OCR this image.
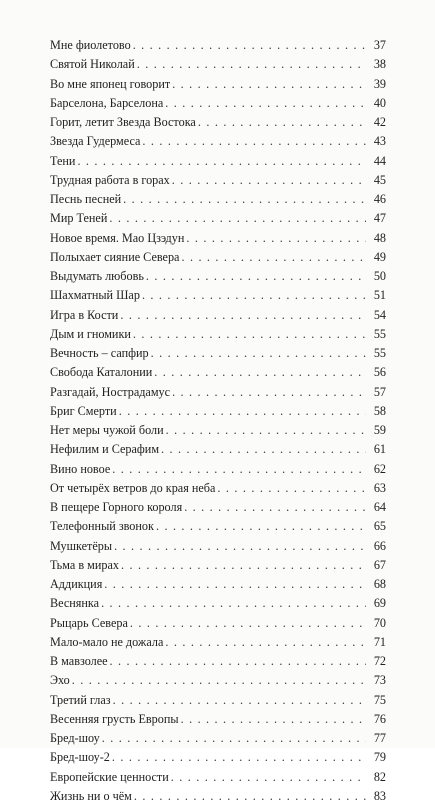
Мне фиолетово . . .	37
Святой Николай . . .	38
Во мне японец говорит . . .	39
Барселона, Барселона . . .	40
Горит, летит Звезда Востока . . .	42
Звезда Гудермеса . . .	43
Тени . . .	44
Трудная работа в горах . . .	45
Песнь песней . . .	46
Мир Теней . . .	47
Новое время. Мао Цзэдун . . .	48
Полыхает сияние Севера . . .	49
Выдумать любовь . . .	50
Шахматный Шар . . .	51
Игра в Кости . . .	54
Дым и гномики . . .	55
Вечность – сапфир . . .	55
Свобода Каталонии . . .	56
Разгадай, Нострадамус . . .	57
Бриг Смерти . . .	58
Нет меры чужой боли . . .	59
Нефилим и Серафим . . .	61
Вино новое . . .	62
От четырёх ветров до края неба . . .	63
В пещере Горного короля . . .	64
Телефонный звонок . . .	65
Мушкетёры . . .	66
Тьма в мирах . . .	67
Аддикция . . .	68
Веснянка . . .	69
Рыцарь Севера . . .	70
Мало-мало не дожала . . .	71
В мавзолее . . .	72
Эхо . . .	73
Третий глаз . . .	75
Весенняя грусть Европы . . .	76
Бред-шоу . . .	77
Бред-шоу-2 . . .	79
Европейские ценности . . .	82
Жизнь ни о чём . . .	83
